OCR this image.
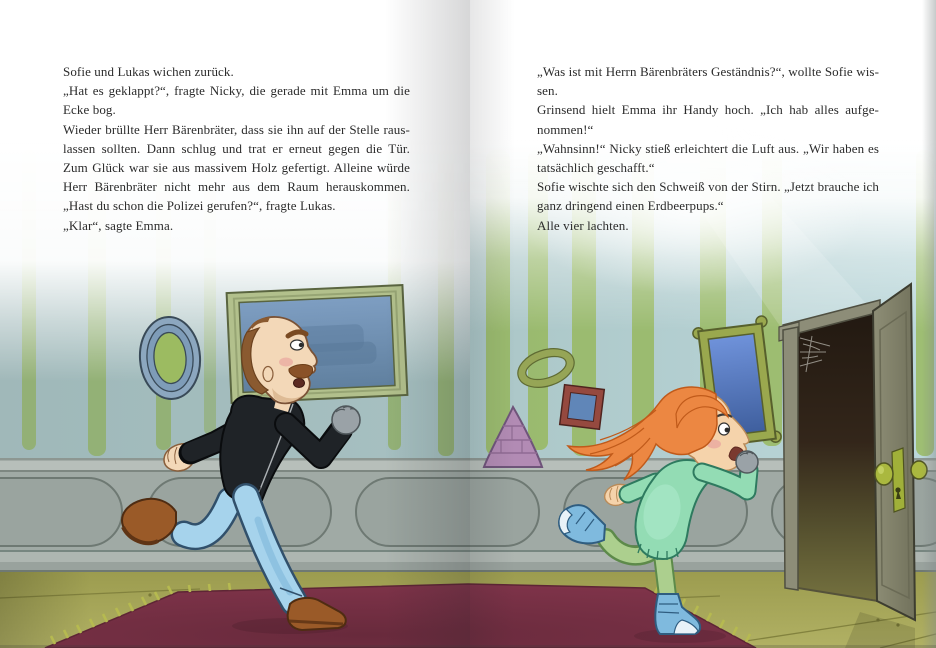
Sofie und Lukas wichen zurück.
„Hat es geklappt?“, fragte Nicky, die gerade mit Emma um die
Ecke bog.
Wieder brüllte Herr Bärenbräter, dass sie ihn auf der Stelle raus-
lassen sollten. Dann schlug und trat er erneut gegen die Tür.
Zum Glück war sie aus massivem Holz gefertigt. Alleine würde
Herr Bärenbräter nicht mehr aus dem Raum herauskommen.
„Hast du schon die Polizei gerufen?“, fragte Lukas.
„Klar“, sagte Emma.
„Was ist mit Herrn Bärenbräters Geständnis?“, wollte Sofie wis-
sen.
Grinsend hielt Emma ihr Handy hoch. „Ich hab alles aufge-
nommen!“
„Wahnsinn!“ Nicky stieß erleichtert die Luft aus. „Wir haben es
tatsächlich geschafft.“
Sofie wischte sich den Schweiß von der Stirn. „Jetzt brauche ich
ganz dringend einen Erdbeerpups.“
Alle vier lachten.
